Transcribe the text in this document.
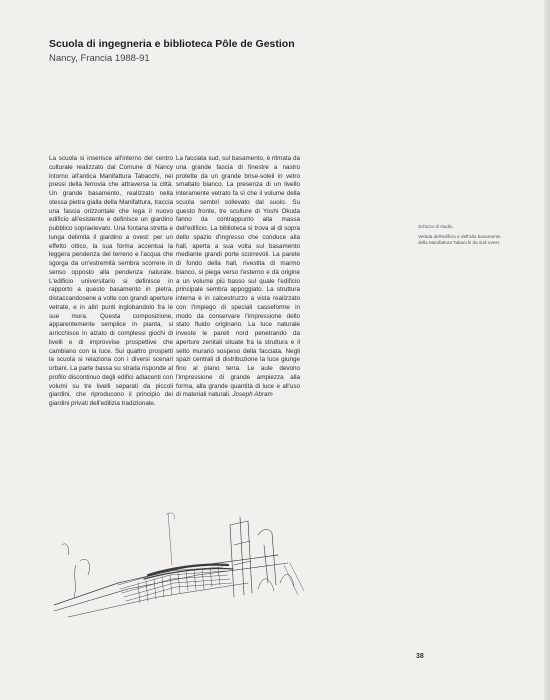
Scuola di ingegneria e biblioteca Pôle de Gestion
Nancy, Francia 1988-91
La scuola si inserisce all'interno del centro culturale realizzato dal Comune di Nancy intorno all'antica Manifattura Tabacchi, nei pressi della ferrovia che attraversa la città. Un grande basamento, realizzato nella stessa pietra gialla della Manifattura, traccia una fascia orizzontale che lega il nuovo edificio all'esistente e definisce un giardino pubblico sopraelevato. Una fontana stretta e lunga delimita il giardino a ovest: per un effetto ottico, la sua forma accentua la leggera pendenza del terreno e l'acqua che sgorga da un'estremità sembra scorrere in senso opposto alla pendenza naturale. L'edificio universitario si definisce in rapporto a questo basamento in pietra, distaccandosene a volte con grandi aperture vetrate, e in altri punti inglobandolo fra le sue mura. Questa composizione, apparentemente semplice in pianta, si arricchisce in alzato di complessi giochi di livelli e di improvvise prospettive che cambiano con la luce. Sui quattro prospetti la scuola si relaziona con i diversi scenari urbani. La parte bassa su strada risponde al profilo discontinuo degli edifici adiacenti con volumi su tre livelli separati da piccoli giardini, che riproducono il principio dei giardini privati dell'edilizia tradizionale.
La facciata sud, sul basamento, è ritmata da una grande fascia di finestre a nastro protette da un grande brise-soleil in vetro smaltato bianco. La presenza di un livello interamente vetrato fa sì che il volume della scuola sembri sollevato dal suolo. Su questo fronte, tre sculture di Yoshi Okuda fanno da contrappunto alla massa dell'edificio. La biblioteca si trova al di sopra dello spazio d'ingresso che conduce alla hall, aperta a sua volta sul basamento mediante grandi porte scorrevoli. La parete di fondo della hall, rivestita di marmo bianco, si piega verso l'esterno e dà origine a un volume più basso sul quale l'edificio principale sembra appoggiato. La struttura interna è in calcestruzzo a vista realizzato con l'impiego di speciali casseforme in modo da conservare l'impressione dello stato fluido originario. La luce naturale investe le pareti nord penetrando da aperture zenitali situate fra la struttura e il setto murario sospeso della facciata. Negli spazi centrali di distribuzione la luce giunge fino al piano terra. Le aule devono l'impressione di grande ampiezza alla forma, alla grande quantità di luce e all'uso di materiali naturali. Joseph Abram
Schizzo di studio.
Veduta dell'edificio e dell'alto basamento della Manifattura Tabacchi da sud-ovest.
38
